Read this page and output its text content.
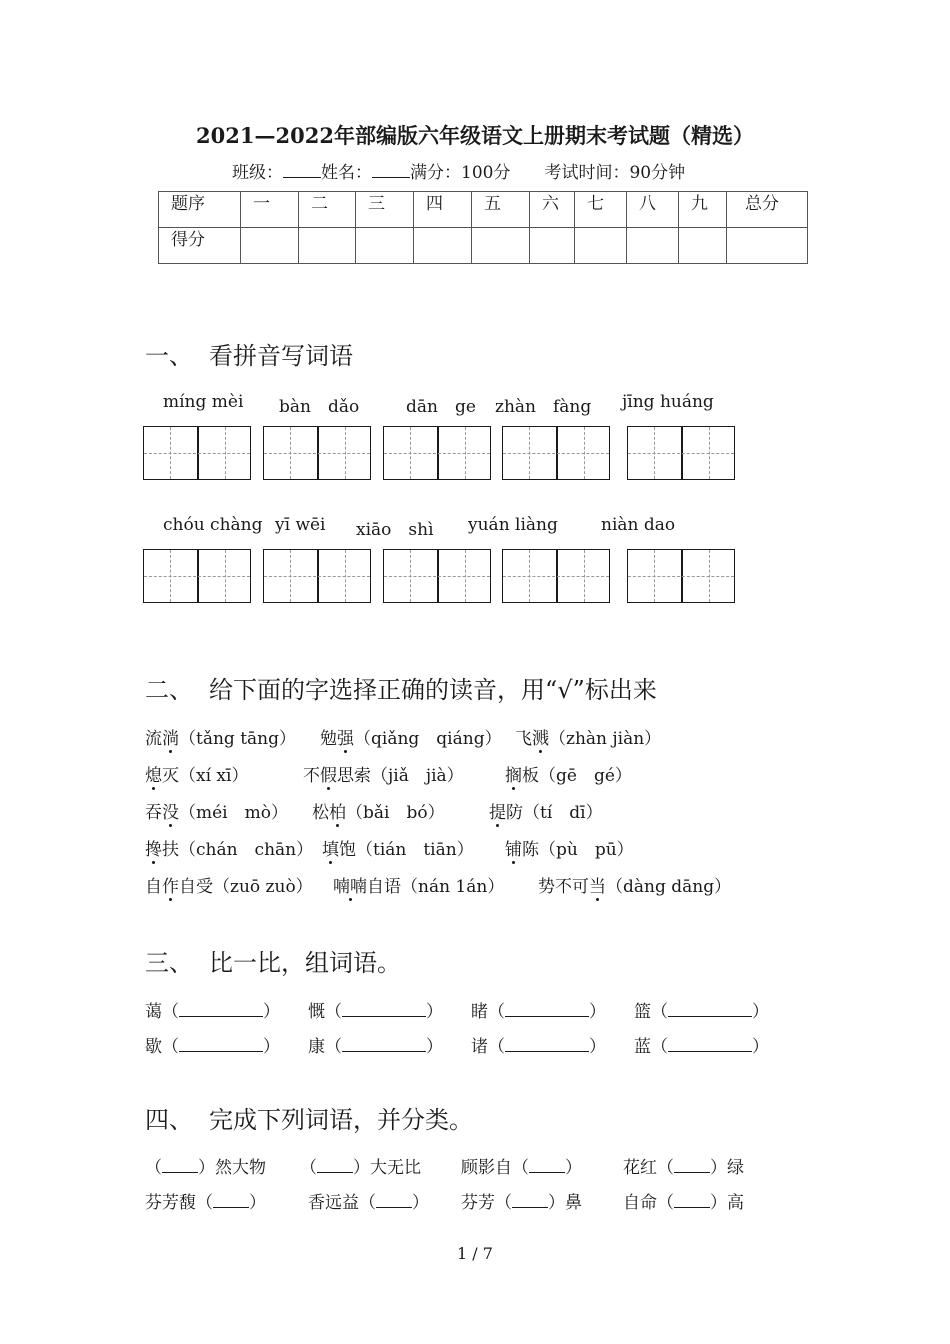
2021—2022年部编版六年级语文上册期末考试题（精选）
班级： 姓名： 满分：100分　　 考试时间：90分钟
题序	一	二	三	四	五	六	七	八	九	总分
得分										
一、 看拼音写词语
míng mèi bàn　dǎo	dān　ge zhàn　fàng jīng huáng
chóu chàng yī wēi xiāo　shì yuán liàng	niàn dao
二、 给下面的字选择正确的读音，用“√”标出来
流淌（tǎng tāng） 勉强（qiǎng　qiáng） 飞溅（zhàn jiàn）
熄灭（xí xī）	不假思索（jiǎ　jià） 搁板（gē　gé）
吞没（méi　mò） 松柏（bǎi　bó）	提防（tí　dī）
搀扶（chán　chān） 填饱（tián　tiān） 铺陈（pù　pū）
自作自受（zuō zuò） 喃喃自语（nán 1án） 势不可当（dàng dāng）
三、 比一比，组词语。
蔼（	） 慨（	） 睹（	） 篮（	）
歇（	） 康（	） 诸（	） 蓝（	）
四、 完成下列词语，并分类。
（ ）然大物 （ ）大无比 顾影自（ ） 花红（ ）绿
芬芳馥（ ） 香远益（ ） 芬芳（ ）鼻 自命（ ）高
1 / 7
